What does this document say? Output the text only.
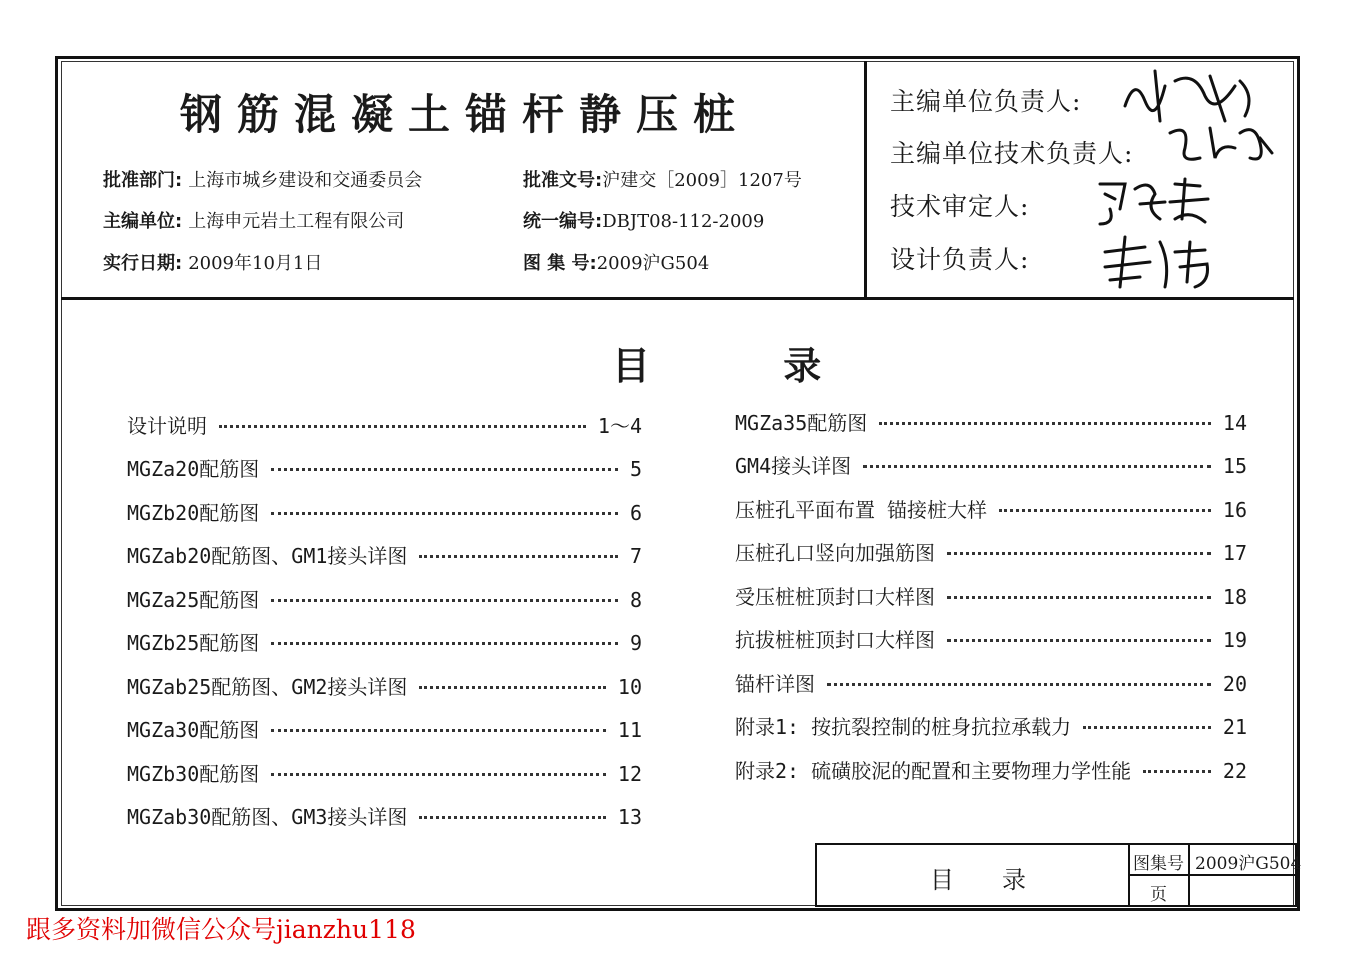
钢筋混凝土锚杆静压桩
批准部门: 上海市城乡建设和交通委员会	批准文号:沪建交［2009］1207号
主编单位: 上海申元岩土工程有限公司	统一编号:DBJT08-112-2009
实行日期: 2009年10月1日	图 集 号:2009沪G504
主编单位负责人:
主编单位技术负责人:
技术审定人:
设计负责人:
目 录
设计说明	1～4
MGZa20配筋图	5
MGZb20配筋图	6
MGZab20配筋图、GM1接头详图	7
MGZa25配筋图	8
MGZb25配筋图	9
MGZab25配筋图、GM2接头详图	10
MGZa30配筋图	11
MGZb30配筋图	12
MGZab30配筋图、GM3接头详图	13
MGZa35配筋图	14
GM4接头详图	15
压桩孔平面布置 锚接桩大样	16
压桩孔口竖向加强筋图	17
受压桩桩顶封口大样图	18
抗拔桩桩顶封口大样图	19
锚杆详图	20
附录1: 按抗裂控制的桩身抗拉承载力	21
附录2: 硫磺胶泥的配置和主要物理力学性能	22
目　　录
图集号 2009沪G504
页
跟多资料加微信公众号jianzhu118
